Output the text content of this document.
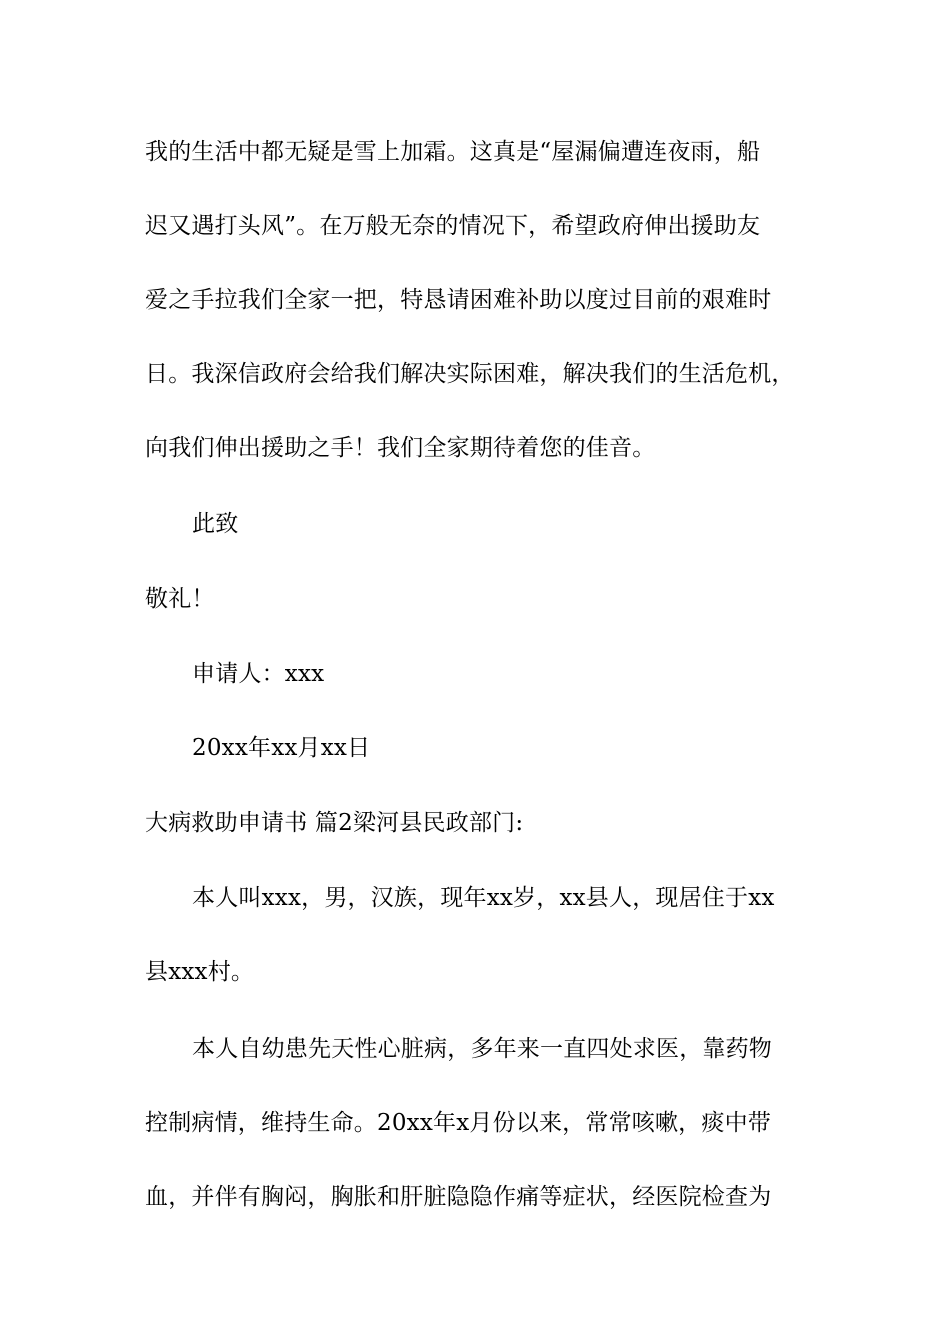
我的生活中都无疑是雪上加霜。这真是“屋漏偏遭连夜雨，船
迟又遇打头风”。在万般无奈的情况下，希望政府伸出援助友
爱之手拉我们全家一把，特恳请困难补助以度过目前的艰难时
日。我深信政府会给我们解决实际困难，解决我们的生活危机，
向我们伸出援助之手！我们全家期待着您的佳音。
此致
敬礼！
申请人：xxx
20xx年xx月xx日
大病救助申请书 篇2梁河县民政部门:
本人叫xxx，男，汉族，现年xx岁，xx县人，现居住于xx
县xxx村。
本人自幼患先天性心脏病，多年来一直四处求医，靠药物
控制病情，维持生命。20xx年x月份以来，常常咳嗽，痰中带
血，并伴有胸闷，胸胀和肝脏隐隐作痛等症状，经医院检查为
